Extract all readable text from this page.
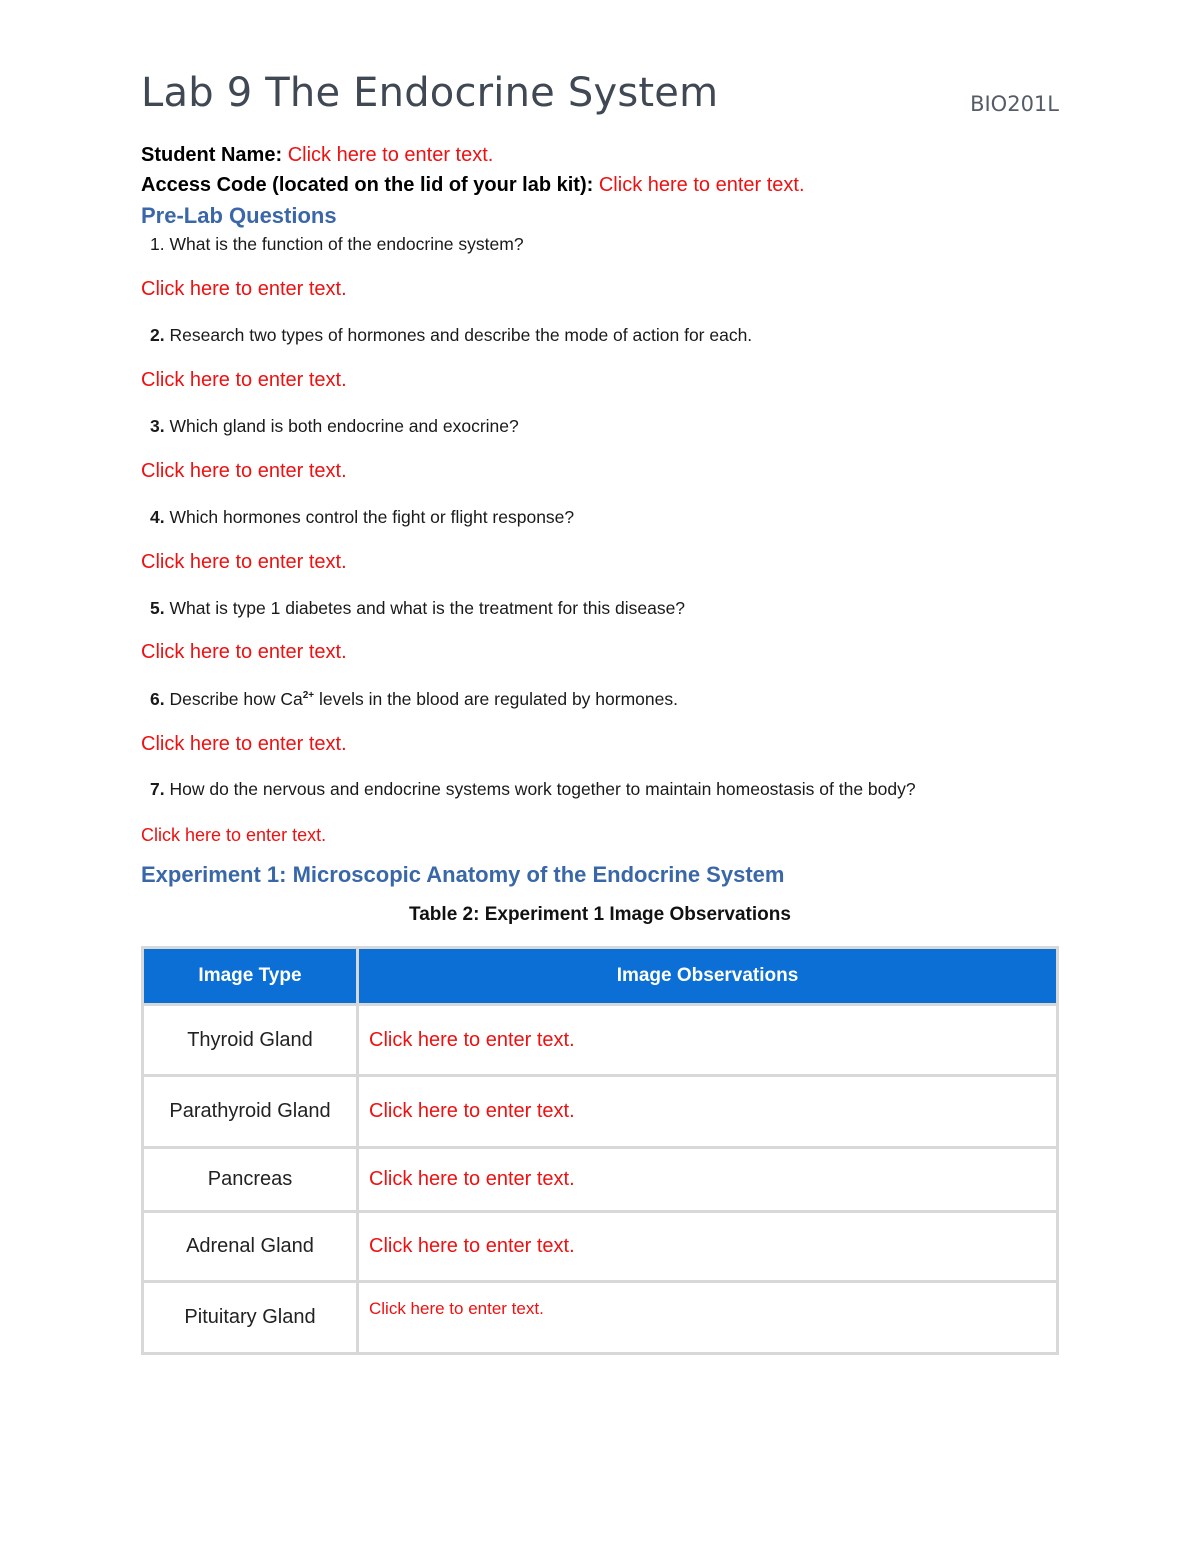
Lab 9 The Endocrine System	BIO201L
Student Name: Click here to enter text.
Access Code (located on the lid of your lab kit): Click here to enter text.
Pre-Lab Questions
1. What is the function of the endocrine system?
Click here to enter text.
2. Research two types of hormones and describe the mode of action for each.
Click here to enter text.
3. Which gland is both endocrine and exocrine?
Click here to enter text.
4. Which hormones control the fight or flight response?
Click here to enter text.
5. What is type 1 diabetes and what is the treatment for this disease?
Click here to enter text.
6. Describe how $Ca^{2+}$ levels in the blood are regulated by hormones.
Click here to enter text.
7. How do the nervous and endocrine systems work together to maintain homeostasis of the body?
Click here to enter text.
Experiment 1: Microscopic Anatomy of the Endocrine System
Table 2: Experiment 1 Image Observations
Image Type	Image Observations
Thyroid Gland	Click here to enter text.
Parathyroid Gland	Click here to enter text.
Pancreas	Click here to enter text.
Adrenal Gland	Click here to enter text.
Pituitary Gland	Click here to enter text.
